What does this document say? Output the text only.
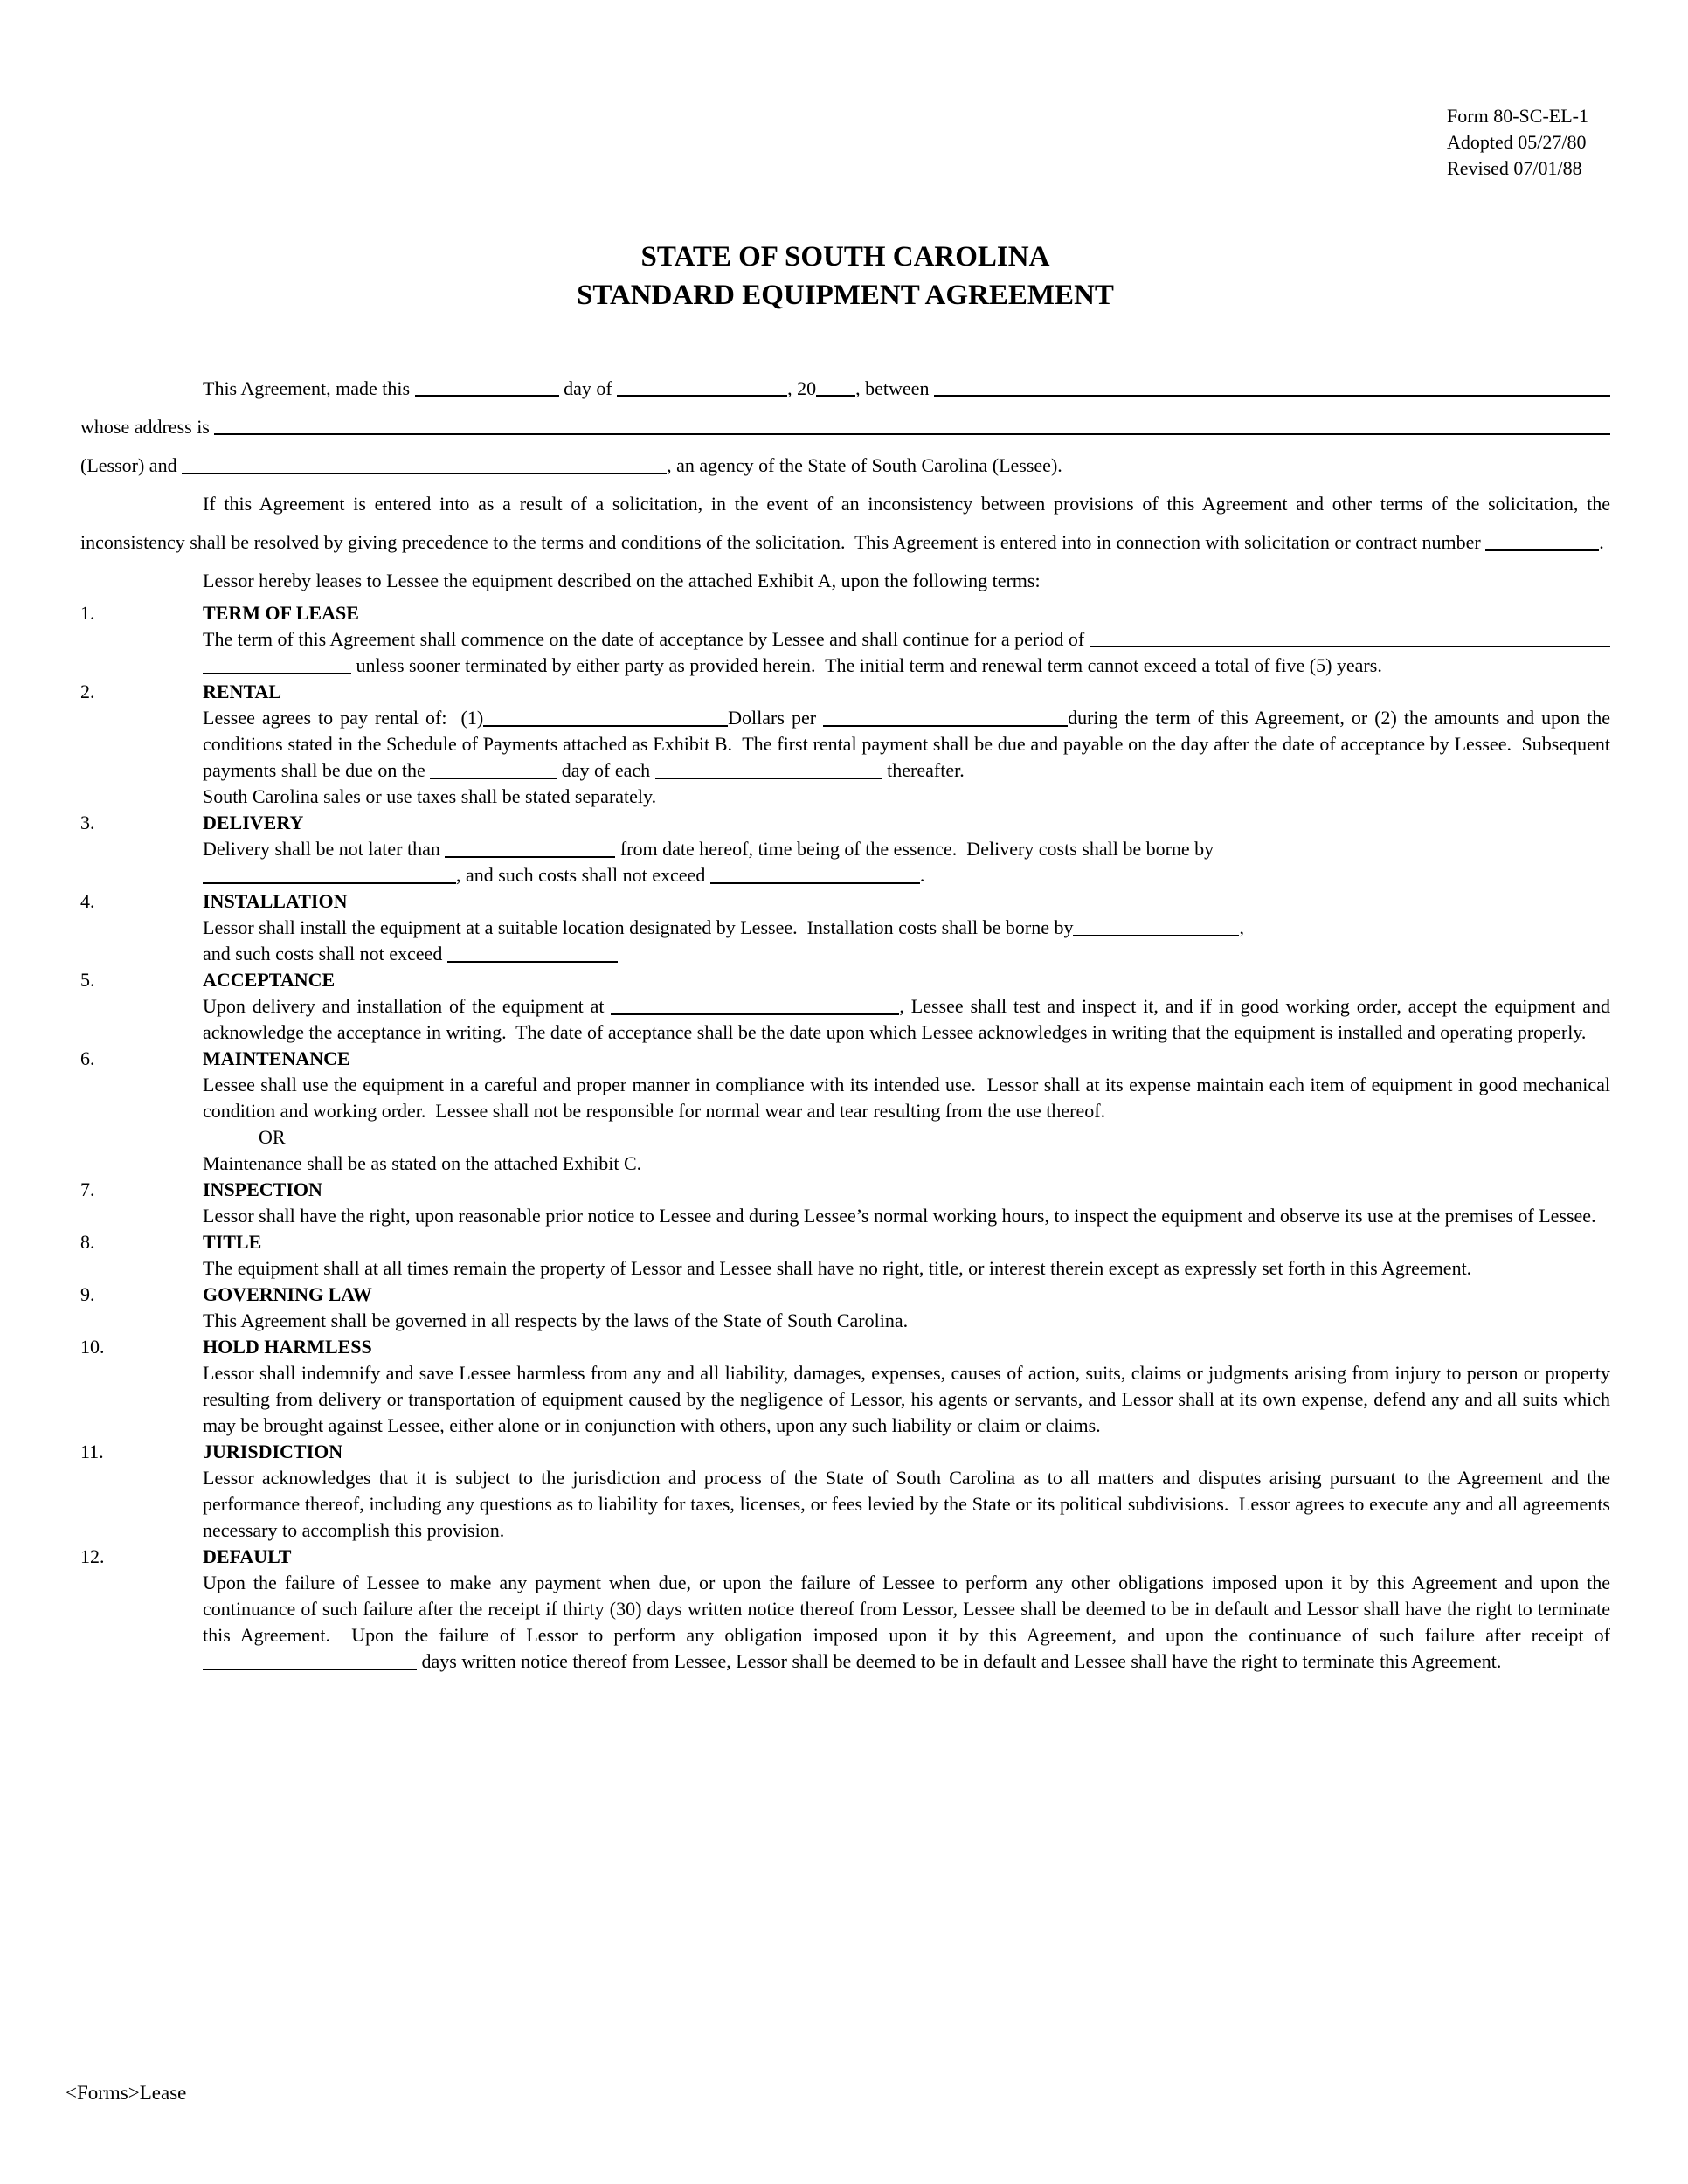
Form 80-SC-EL-1
Adopted 05/27/80
Revised 07/01/88
STATE OF SOUTH CAROLINA
STANDARD EQUIPMENT AGREEMENT
This Agreement, made this	day of	, 20 , between
whose address is
(Lessor) and	, an agency of the State of South Carolina (Lessee).

If this Agreement is entered into as a result of a solicitation, in the event of an inconsistency between provisions of this Agreement and other terms of the solicitation, the inconsistency shall be resolved by giving precedence to the terms and conditions of the solicitation.  This Agreement is entered into in connection with solicitation or contract number	.

Lessor hereby leases to Lessee the equipment described on the attached Exhibit A, upon the following terms:

1.	TERM OF LEASE
The term of this Agreement shall commence on the date of acceptance by Lessee and shall continue for a period of

unless sooner terminated by either party as provided herein.  The initial term and renewal term cannot exceed a total of five (5) years.

2.	RENTAL

Lessee agrees to pay rental of:  (1)	Dollars per	during the term of this Agreement, or (2) the amounts and upon the conditions stated in the Schedule of Payments attached as Exhibit B.  The first rental payment shall be due and payable on the day after the date of acceptance by Lessee.  Subsequent payments shall be due on the	day of each	thereafter.
South Carolina sales or use taxes shall be stated separately.

3.	DELIVERY

Delivery shall be not later than	from date hereof, time being of the essence.  Delivery costs shall be borne by
, and such costs shall not exceed	.

4.	INSTALLATION

Lessor shall install the equipment at a suitable location designated by Lessee.  Installation costs shall be borne by	,
and such costs shall not exceed

5.	ACCEPTANCE

Upon delivery and installation of the equipment at	, Lessee shall test and inspect it, and if in good working order, accept the equipment and acknowledge the acceptance in writing.  The date of acceptance shall be the date upon which Lessee acknowledges in writing that the equipment is installed and operating properly.

6.	MAINTENANCE

Lessee shall use the equipment in a careful and proper manner in compliance with its intended use.  Lessor shall at its expense maintain each item of equipment in good mechanical condition and working order.  Lessee shall not be responsible for normal wear and tear resulting from the use thereof.

OR

Maintenance shall be as stated on the attached Exhibit C.

7.	INSPECTION

Lessor shall have the right, upon reasonable prior notice to Lessee and during Lessee’s normal working hours, to inspect the equipment and observe its use at the premises of Lessee.

8.	TITLE

The equipment shall at all times remain the property of Lessor and Lessee shall have no right, title, or interest therein except as expressly set forth in this Agreement.

9.	GOVERNING LAW

This Agreement shall be governed in all respects by the laws of the State of South Carolina.

10.	HOLD HARMLESS

Lessor shall indemnify and save Lessee harmless from any and all liability, damages, expenses, causes of action, suits, claims or judgments arising from injury to person or property resulting from delivery or transportation of equipment caused by the negligence of Lessor, his agents or servants, and Lessor shall at its own expense, defend any and all suits which may be brought against Lessee, either alone or in conjunction with others, upon any such liability or claim or claims.

11.	JURISDICTION

Lessor acknowledges that it is subject to the jurisdiction and process of the State of South Carolina as to all matters and disputes arising pursuant to the Agreement and the performance thereof, including any questions as to liability for taxes, licenses, or fees levied by the State or its political subdivisions.  Lessor agrees to execute any and all agreements necessary to accomplish this provision.

12.	DEFAULT

Upon the failure of Lessee to make any payment when due, or upon the failure of Lessee to perform any other obligations imposed upon it by this Agreement and upon the continuance of such failure after the receipt if thirty (30) days written notice thereof from Lessor, Lessee shall be deemed to be in default and Lessor shall have the right to terminate this Agreement.  Upon the failure of Lessor to perform any obligation imposed upon it by this Agreement, and upon the continuance of such failure after receipt of  days written notice thereof from Lessee, Lessor shall be deemed to be in default and Lessee shall have the right to terminate this Agreement.

<Forms>Lease
